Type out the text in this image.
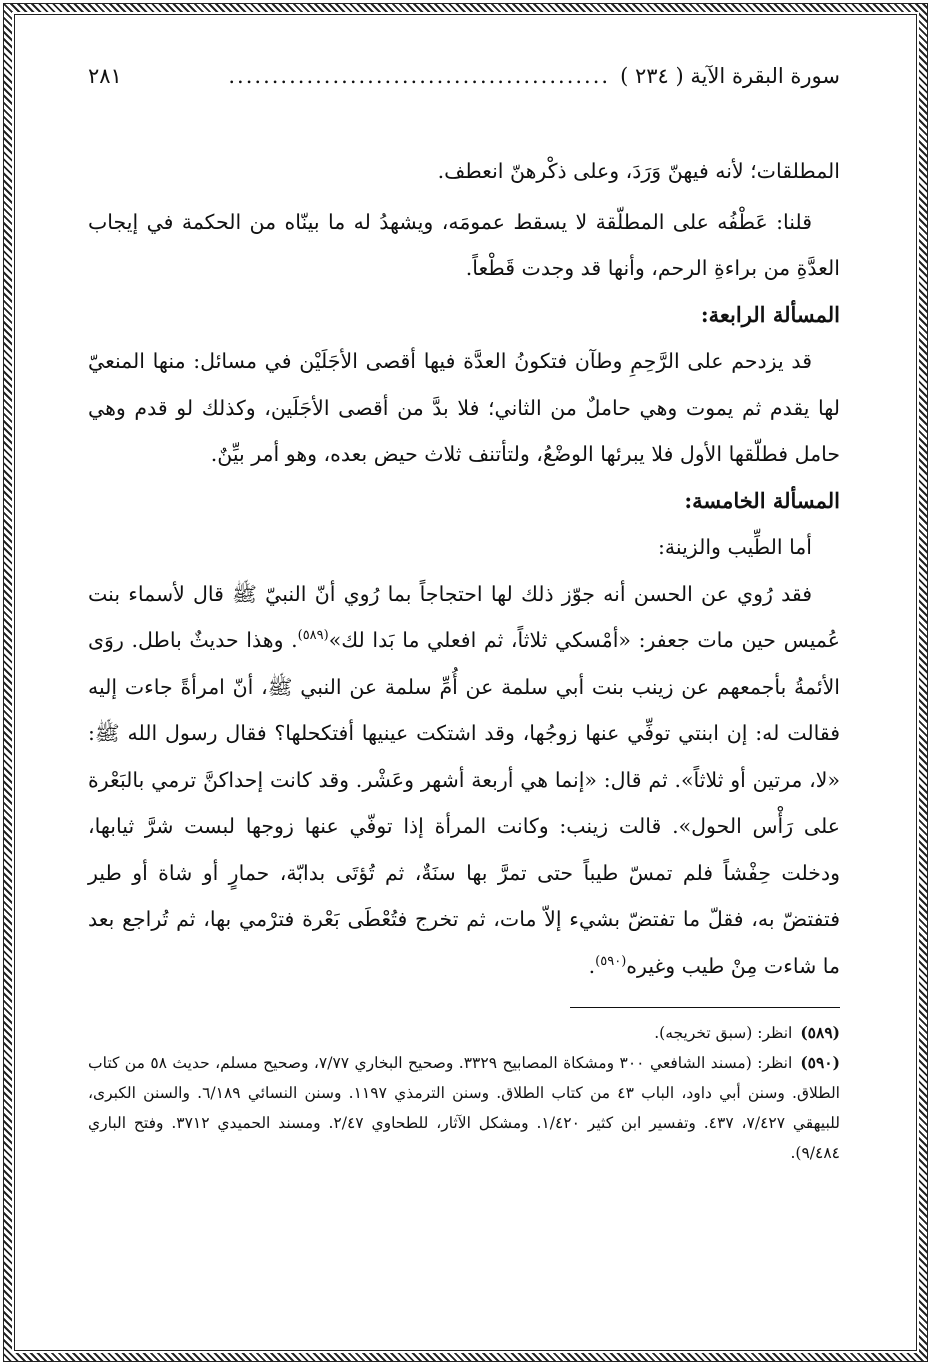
سورة البقرة الآية ( ٢٣٤ )
............................................
٢٨١

المطلقات؛ لأنه فيهنّ وَرَدَ، وعلى ذكْرهنّ انعطف.

قلنا: عَطْفُه على المطلّقة لا يسقط عمومَه، ويشهدُ له ما بينّاه من الحكمة في إيجاب العدَّةِ من براءةِ الرحم، وأنها قد وجدت قَطْعاً.

المسألة الرابعة:

قد يزدحم على الرَّحِمِ وطآن فتكونُ العدَّة فيها أقصى الأجَلَيْن في مسائل: منها المنعيّ لها يقدم ثم يموت وهي حاملٌ من الثاني؛ فلا بدَّ من أقصى الأجَلَين، وكذلك لو قدم وهي حامل فطلّقها الأول فلا يبرئها الوضْعُ، ولتأتنف ثلاث حيض بعده، وهو أمر بيِّنٌ.

المسألة الخامسة:

أما الطِّيب والزينة:

فقد رُوي عن الحسن أنه جوّز ذلك لها احتجاجاً بما رُوي أنّ النبيّ ﷺ قال لأسماء بنت عُميس حين مات جعفر: «أمْسكي ثلاثاً، ثم افعلي ما بَدا لك»$^{(٥٨٩)}$. وهذا حديثٌ باطل. روَى الأئمةُ بأجمعهم عن زينب بنت أبي سلمة عن أُمِّ سلمة عن النبي ﷺ، أنّ امرأةً جاءت إليه فقالت له: إن ابنتي توفِّي عنها زوجُها، وقد اشتكت عينيها أفتكحلها؟ فقال رسول الله ﷺ: «لا، مرتين أو ثلاثاً». ثم قال: «إنما هي أربعة أشهر وعَشْر. وقد كانت إحداكنَّ ترمي بالبَعْرة على رَأْس الحول». قالت زينب: وكانت المرأة إذا توفّي عنها زوجها لبست شرَّ ثيابها، ودخلت حِفْشاً فلم تمسّ طيباً حتى تمرَّ بها سنَةٌ، ثم تُؤتَى بدابّة، حمارٍ أو شاة أو طير فتفتضّ به، فقلّ ما تفتضّ بشيء إلاّ مات، ثم تخرج فتُعْطَى بَعْرة فترْمي بها، ثم تُراجع بعد ما شاءت مِنْ طيب وغيره$^{(٥٩٠)}$.

(٥٨٩)انظر: (سبق تخريجه).

(٥٩٠)انظر: (مسند الشافعي ٣٠٠ ومشكاة المصابيح ٣٣٢٩. وصحيح البخاري ٧/٧٧، وصحيح مسلم، حديث ٥٨ من كتاب الطلاق. وسنن أبي داود، الباب ٤٣ من كتاب الطلاق. وسنن الترمذي ١١٩٧. وسنن النسائي ٦/١٨٩. والسنن الكبرى، للبيهقي ٧/٤٢٧، ٤٣٧. وتفسير ابن كثير ١/٤٢٠. ومشكل الآثار، للطحاوي ٢/٤٧. ومسند الحميدي ٣٧١٢. وفتح الباري ٩/٤٨٤).
